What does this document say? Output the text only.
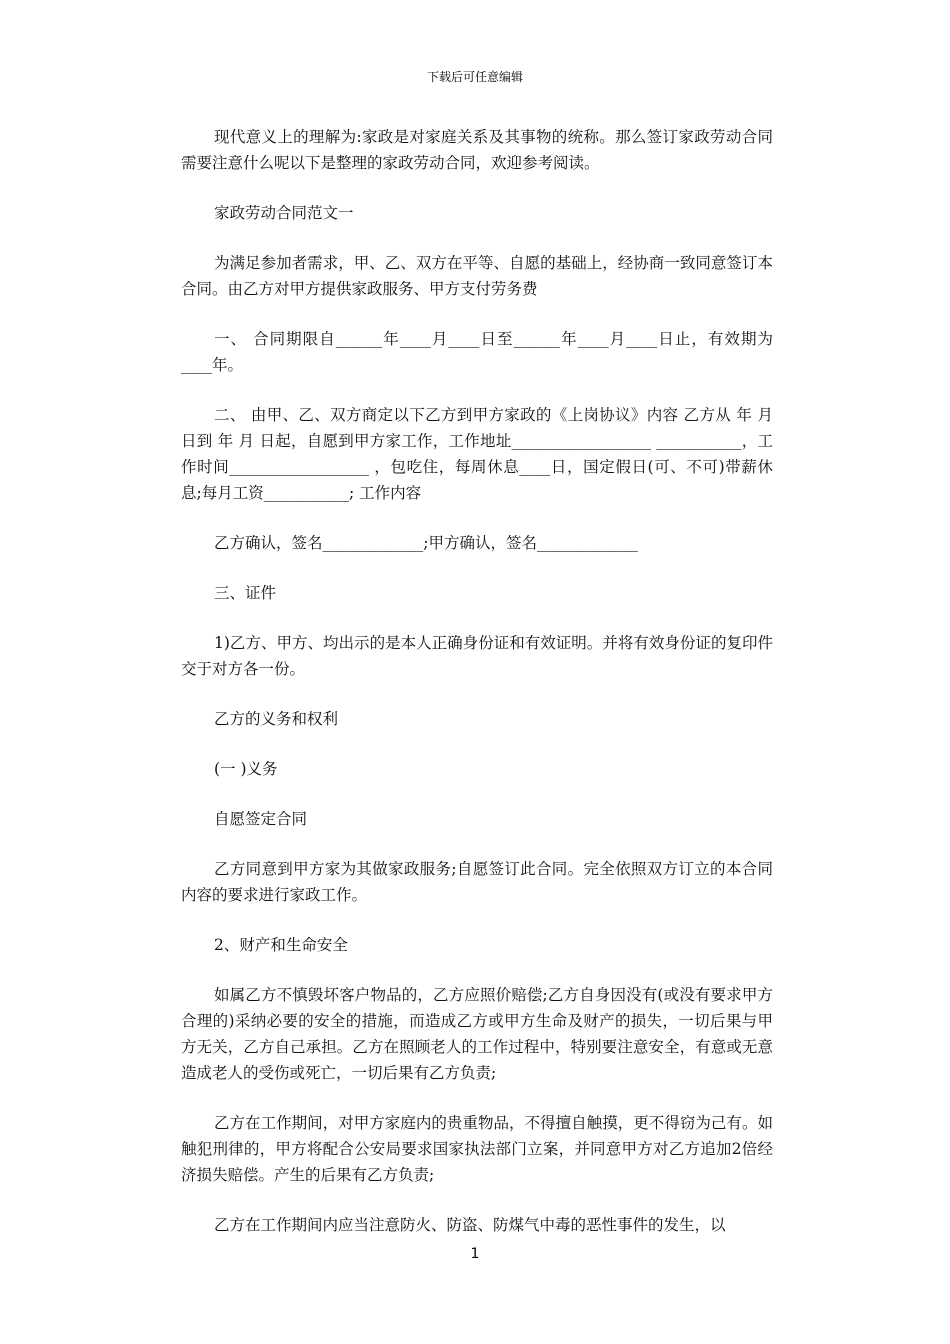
下载后可任意编辑

现代意义上的理解为:家政是对家庭关系及其事物的统称。那么签订家政劳动合同需要注意什么呢以下是整理的家政劳动合同，欢迎参考阅读。

家政劳动合同范文一

为满足参加者需求，甲、乙、双方在平等、自愿的基础上，经协商一致同意签订本合同。由乙方对甲方提供家政服务、甲方支付劳务费

一、 合同期限自______年____月____日至______年____月____日止，有效期为____年。

二、 由甲、乙、双方商定以下乙方到甲方家政的《上岗协议》内容 乙方从 年 月 日到 年 月 日起，自愿到甲方家工作，工作地址__________________ ___________，工作时间__________________ ，包吃住，每周休息____日，国定假日(可、不可)带薪休息;每月工资___________; 工作内容

乙方确认，签名_____________;甲方确认，签名_____________

三、证件

1)乙方、甲方、均出示的是本人正确身份证和有效证明。并将有效身份证的复印件交于对方各一份。

乙方的义务和权利

(一 )义务

自愿签定合同

乙方同意到甲方家为其做家政服务;自愿签订此合同。完全依照双方订立的本合同内容的要求进行家政工作。

2、财产和生命安全

如属乙方不慎毁坏客户物品的，乙方应照价赔偿;乙方自身因没有(或没有要求甲方合理的)采纳必要的安全的措施，而造成乙方或甲方生命及财产的损失，一切后果与甲方无关，乙方自己承担。乙方在照顾老人的工作过程中，特别要注意安全，有意或无意造成老人的受伤或死亡，一切后果有乙方负责;

乙方在工作期间，对甲方家庭内的贵重物品，不得擅自触摸，更不得窃为己有。如触犯刑律的，甲方将配合公安局要求国家执法部门立案，并同意甲方对乙方追加2倍经济损失赔偿。产生的后果有乙方负责;

乙方在工作期间内应当注意防火、防盗、防煤气中毒的恶性事件的发生，以

1
